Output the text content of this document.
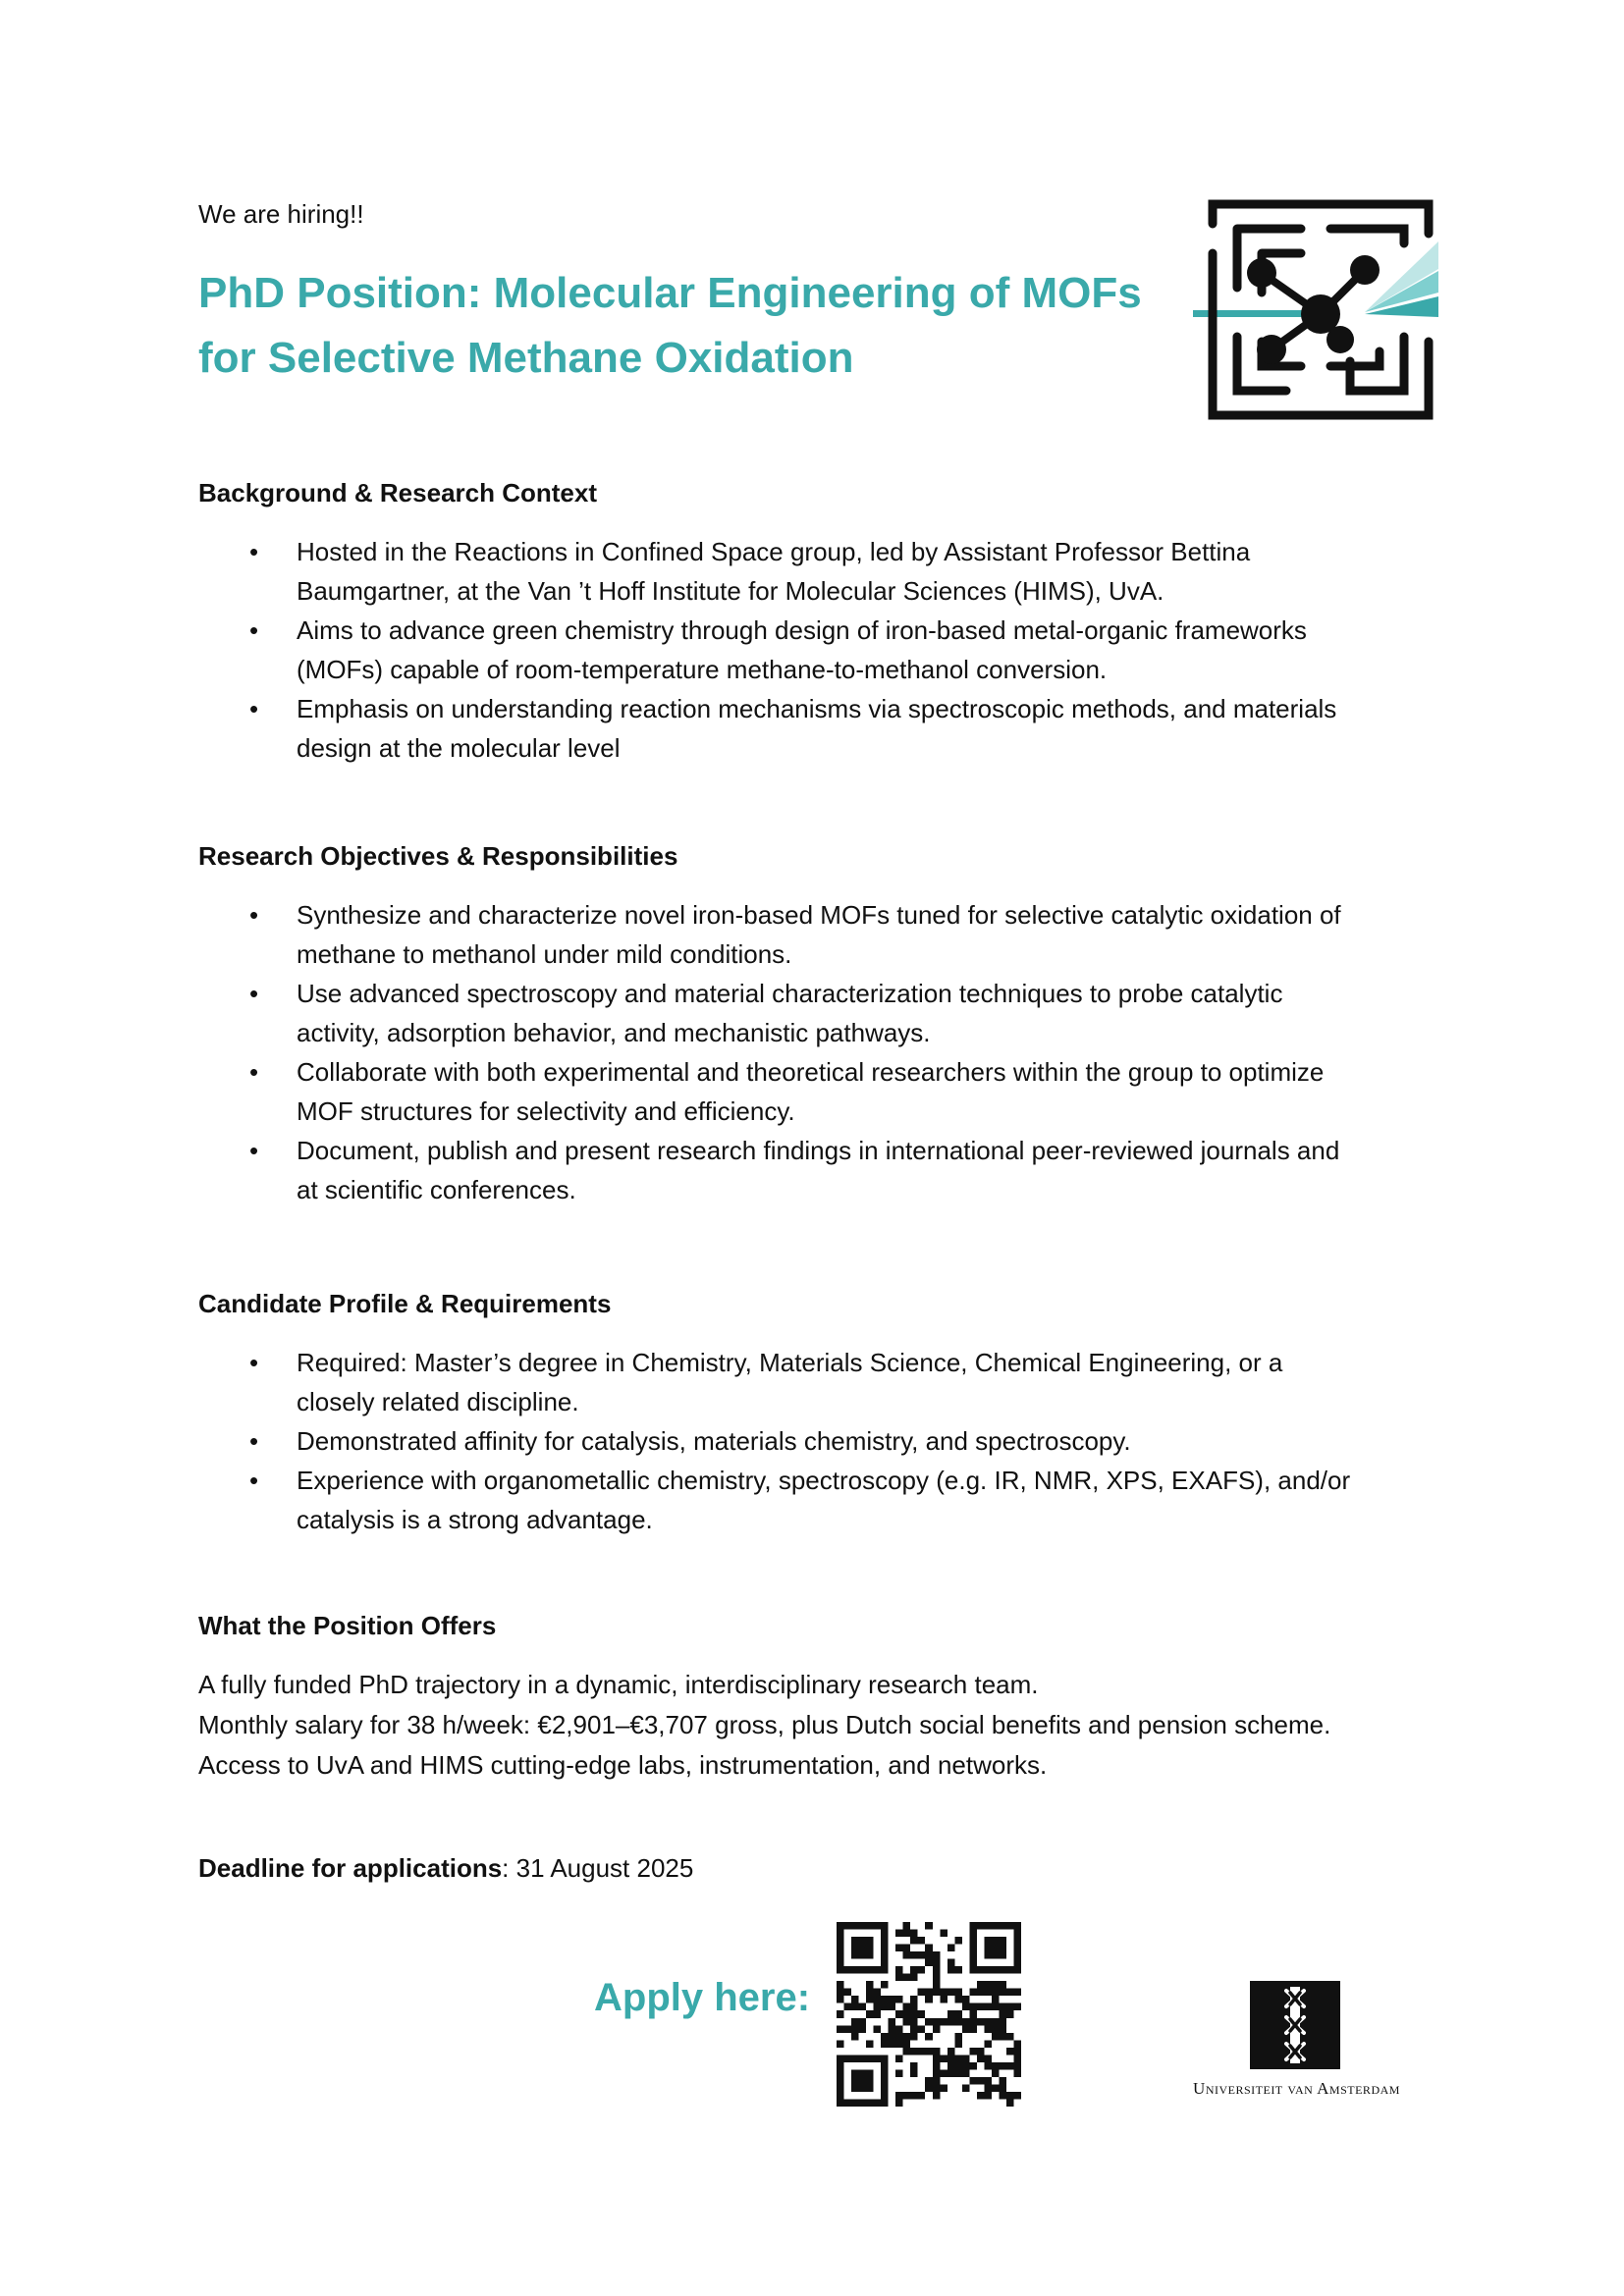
We are hiring!!
PhD Position: Molecular Engineering of MOFs
for Selective Methane Oxidation
Background & Research Context
• Hosted in the Reactions in Confined Space group, led by Assistant Professor Bettina
Baumgartner, at the Van ’t Hoff Institute for Molecular Sciences (HIMS), UvA.
• Aims to advance green chemistry through design of iron-based metal-organic frameworks
(MOFs) capable of room-temperature methane-to-methanol conversion.
• Emphasis on understanding reaction mechanisms via spectroscopic methods, and materials
design at the molecular level
Research Objectives & Responsibilities
• Synthesize and characterize novel iron-based MOFs tuned for selective catalytic oxidation of
methane to methanol under mild conditions.
• Use advanced spectroscopy and material characterization techniques to probe catalytic
activity, adsorption behavior, and mechanistic pathways.
• Collaborate with both experimental and theoretical researchers within the group to optimize
MOF structures for selectivity and efficiency.
• Document, publish and present research findings in international peer-reviewed journals and
at scientific conferences.
Candidate Profile & Requirements
• Required: Master’s degree in Chemistry, Materials Science, Chemical Engineering, or a
closely related discipline.
• Demonstrated affinity for catalysis, materials chemistry, and spectroscopy.
• Experience with organometallic chemistry, spectroscopy (e.g. IR, NMR, XPS, EXAFS), and/or
catalysis is a strong advantage.
What the Position Offers

A fully funded PhD trajectory in a dynamic, interdisciplinary research team.

Monthly salary for 38 h/week: €2,901–€3,707 gross, plus Dutch social benefits and pension scheme.

Access to UvA and HIMS cutting-edge labs, instrumentation, and networks.

Deadline for applications: 31 August 2025
Apply here:
Universiteit van Amsterdam
